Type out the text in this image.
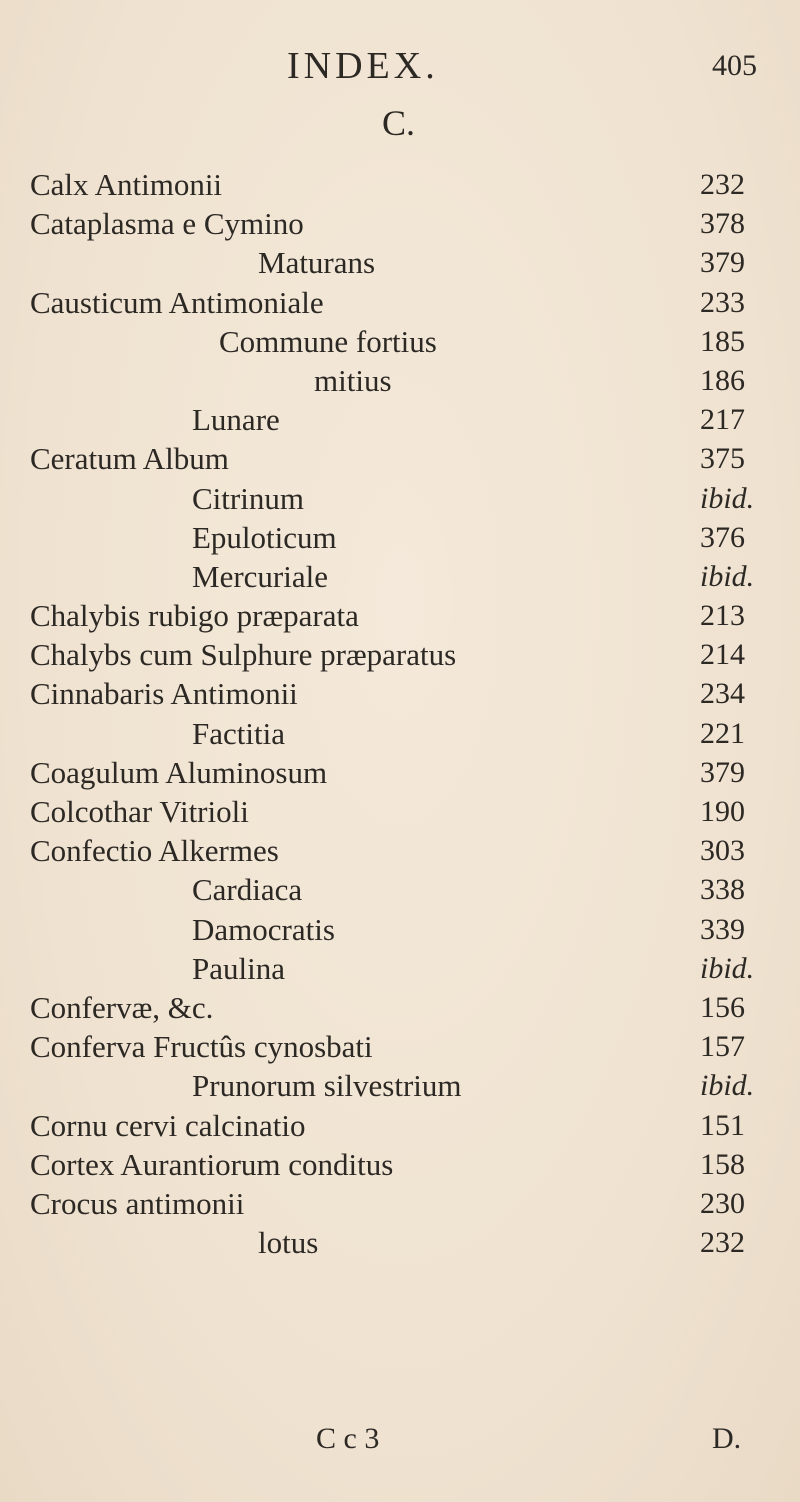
INDEX.	405
C.
Calx Antimonii	232
Cataplasma e Cymino	378
Maturans	379
Causticum Antimoniale	233
Commune fortius	185
mitius	186
Lunare	217
Ceratum Album	375
Citrinum	ibid.
Epuloticum	376
Mercuriale	ibid.
Chalybis rubigo præparata	213
Chalybs cum Sulphure præparatus	214
Cinnabaris Antimonii	234
Factitia	221
Coagulum Aluminosum	379
Colcothar Vitrioli	190
Confectio Alkermes	303
Cardiaca	338
Damocratis	339
Paulina	ibid.
Confervæ, &c.	156
Conferva Fructûs cynosbati	157
Prunorum silvestrium	ibid.
Cornu cervi calcinatio	151
Cortex Aurantiorum conditus	158
Crocus antimonii	230
lotus	232
C c 3	D.
